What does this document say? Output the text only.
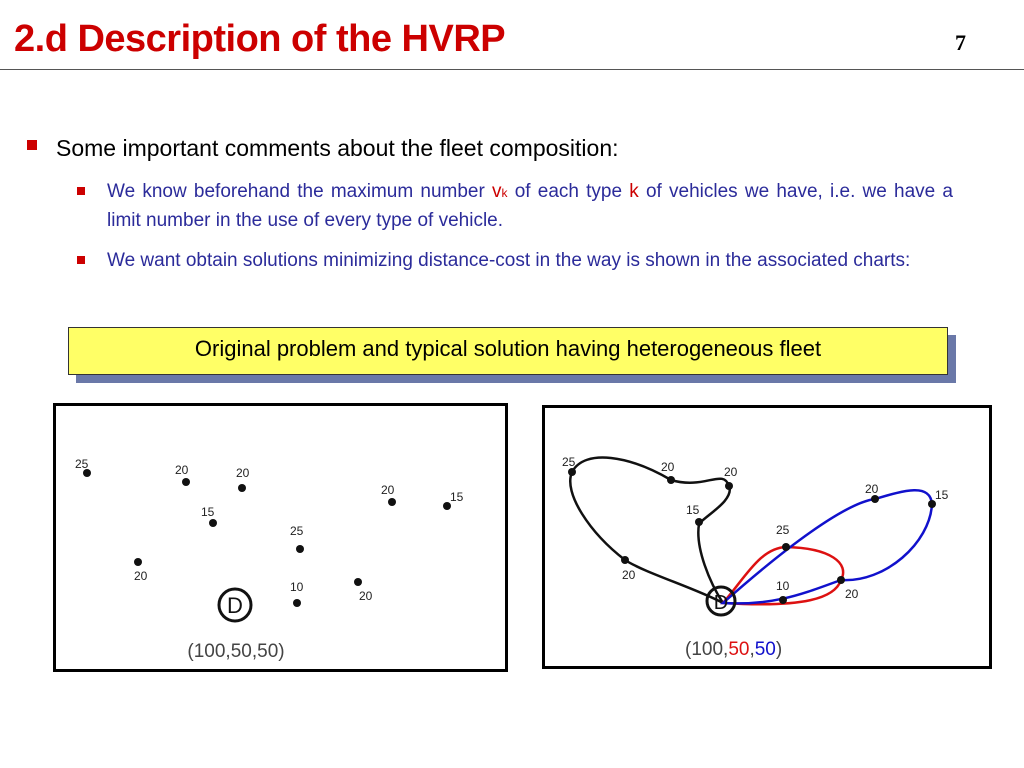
2.d Description of the HVRP	7
Some important comments about the fleet composition:
We know beforehand the maximum number vk of each type k of vehicles we have, i.e. we have a limit number in the use of every type of vehicle.
We want obtain solutions minimizing distance-cost in the way is shown in the associated charts:
Original problem and typical solution having heterogeneous fleet
25	20	20
15
20	15
25
20
10
20
D
(100,50,50)
25	20	20
15
20
15
25
20
10
20
D
(100,50,50)
